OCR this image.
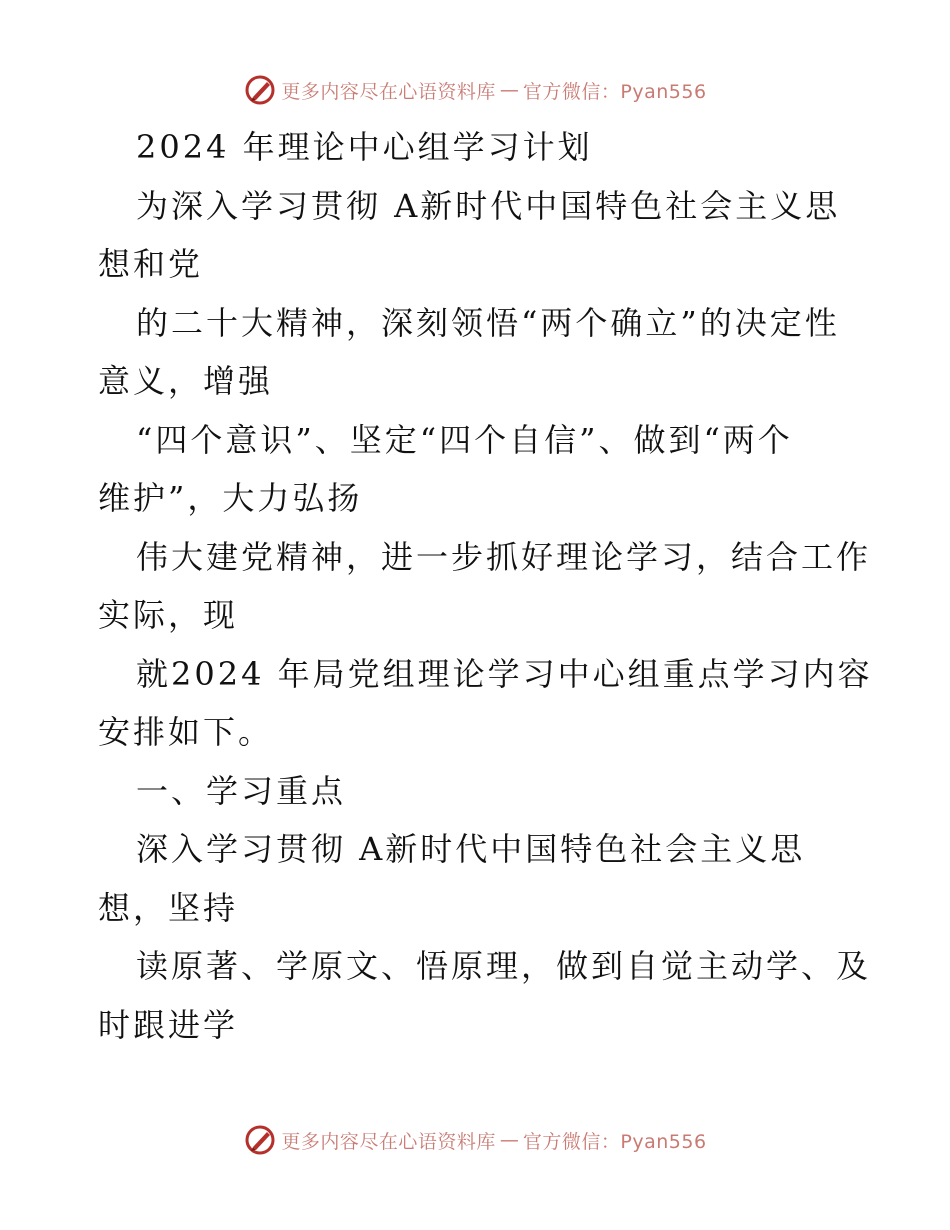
更多内容尽在心语资料库 — 官方微信：Pyan556
2024 年理论中心组学习计划
为深入学习贯彻 A新时代中国特色社会主义思
想和党
的二十大精神，深刻领悟“两个确立”的决定性
意义，增强
“四个意识”、坚定“四个自信”、做到“两个
维护”，大力弘扬
伟大建党精神，进一步抓好理论学习，结合工作
实际，现
就2024 年局党组理论学习中心组重点学习内容
安排如下。
一、学习重点
深入学习贯彻 A新时代中国特色社会主义思
想，坚持
读原著、学原文、悟原理，做到自觉主动学、及
时跟进学
更多内容尽在心语资料库 — 官方微信：Pyan556
